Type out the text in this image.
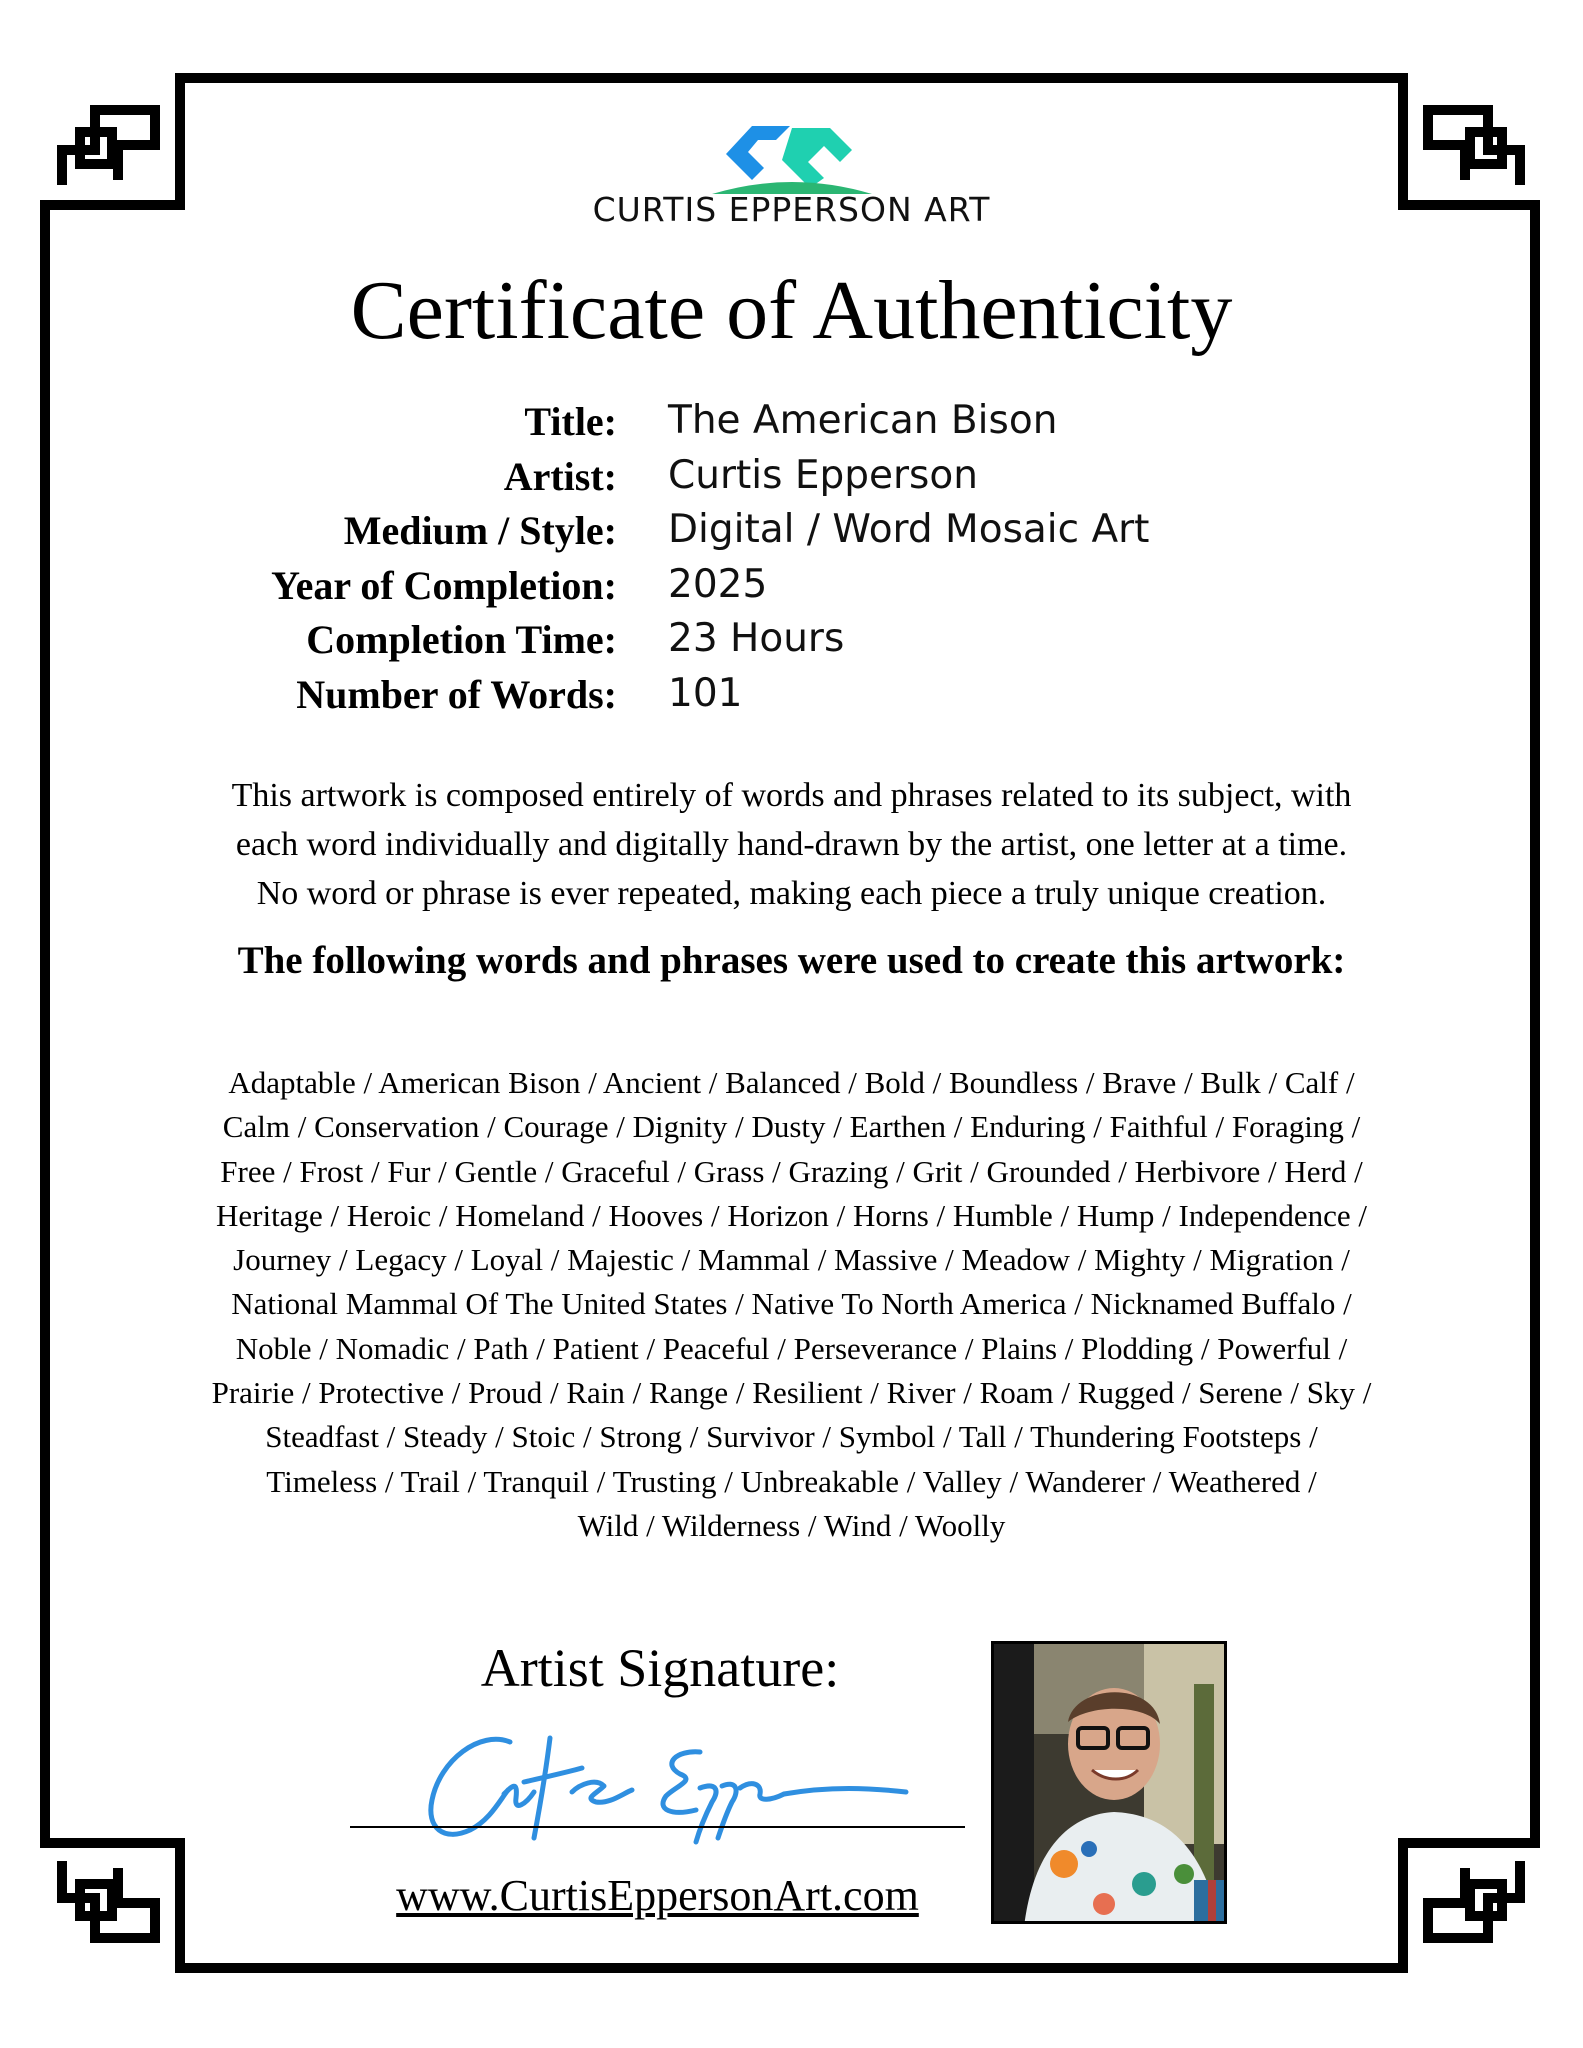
CURTIS EPPERSON ART
Certificate of Authenticity
Title: The American Bison
Artist: Curtis Epperson
Medium / Style: Digital / Word Mosaic Art
Year of Completion: 2025
Completion Time: 23 Hours
Number of Words: 101
This artwork is composed entirely of words and phrases related to its subject, with
each word individually and digitally hand-drawn by the artist, one letter at a time.
No word or phrase is ever repeated, making each piece a truly unique creation.
The following words and phrases were used to create this artwork:
Adaptable / American Bison / Ancient / Balanced / Bold / Boundless / Brave / Bulk / Calf /
Calm / Conservation / Courage / Dignity / Dusty / Earthen / Enduring / Faithful / Foraging /
Free / Frost / Fur / Gentle / Graceful / Grass / Grazing / Grit / Grounded / Herbivore / Herd /
Heritage / Heroic / Homeland / Hooves / Horizon / Horns / Humble / Hump / Independence /
Journey / Legacy / Loyal / Majestic / Mammal / Massive / Meadow / Mighty / Migration /
National Mammal Of The United States / Native To North America / Nicknamed Buffalo /
Noble / Nomadic / Path / Patient / Peaceful / Perseverance / Plains / Plodding / Powerful /
Prairie / Protective / Proud / Rain / Range / Resilient / River / Roam / Rugged / Serene / Sky /
Steadfast / Steady / Stoic / Strong / Survivor / Symbol / Tall / Thundering Footsteps /
Timeless / Trail / Tranquil / Trusting / Unbreakable / Valley / Wanderer / Weathered /
Wild / Wilderness / Wind / Woolly
Artist Signature:
www.CurtisEppersonArt.com
